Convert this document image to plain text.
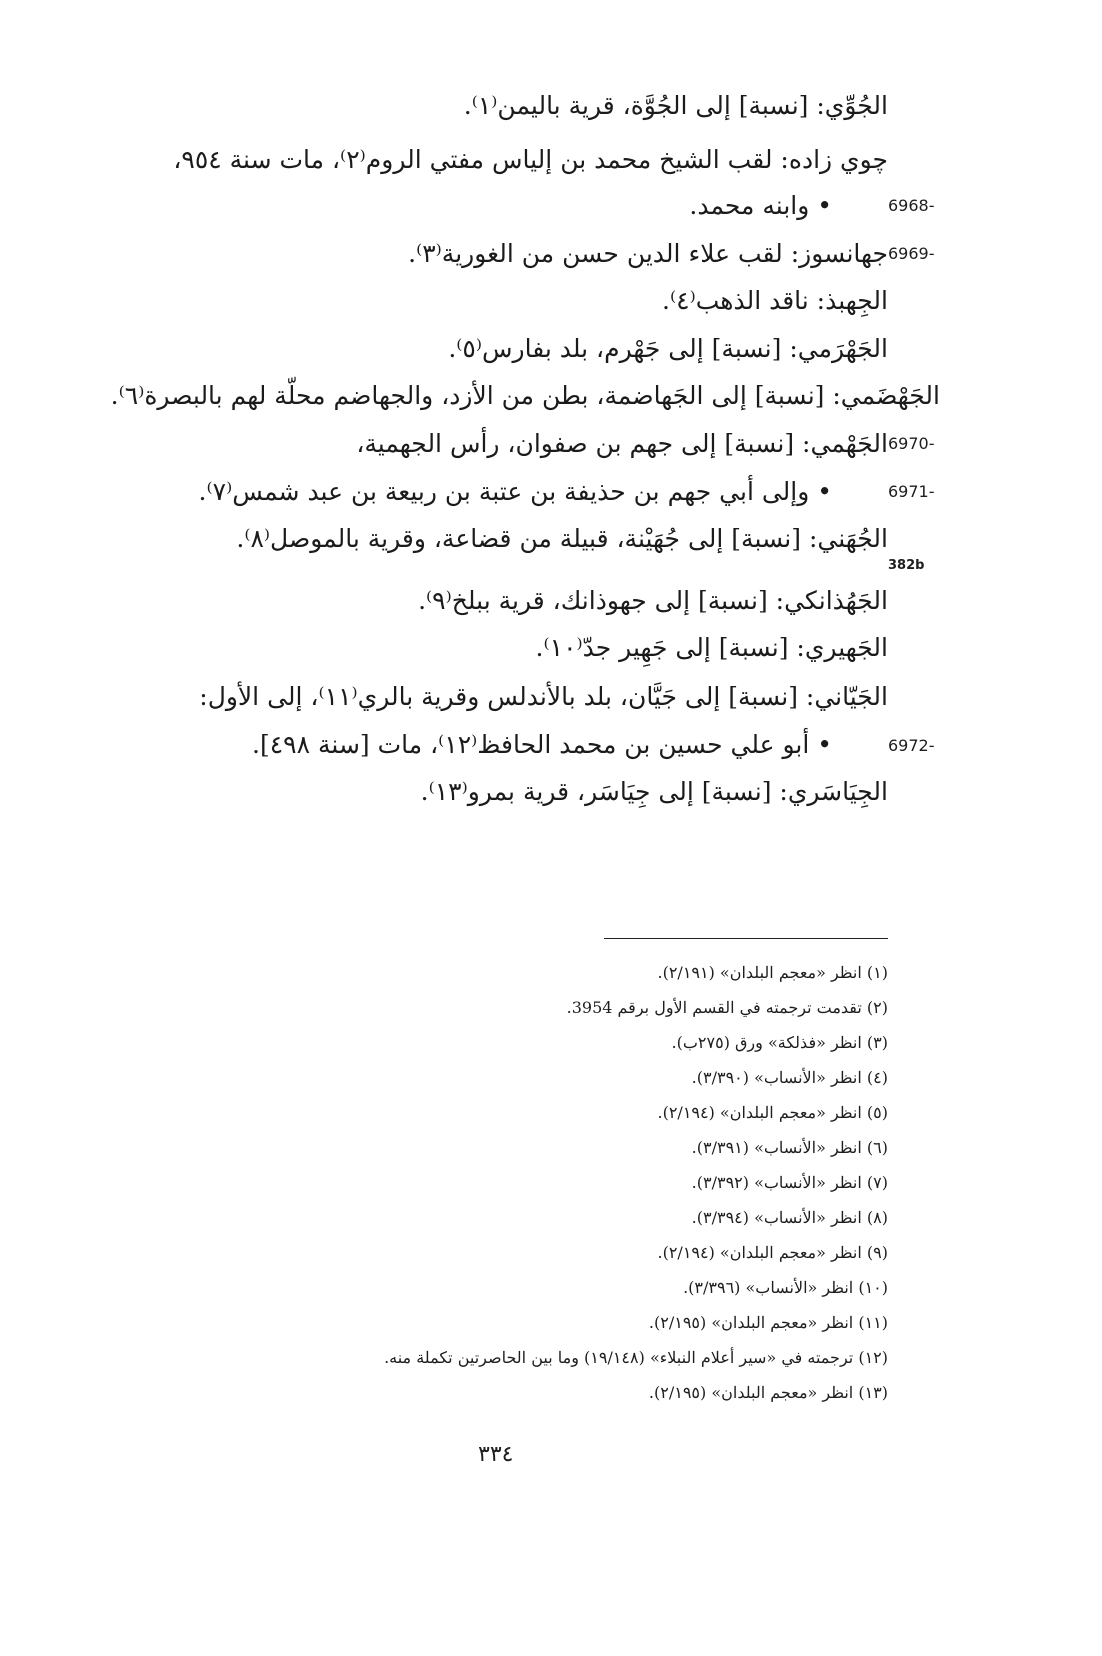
الجُوِّي: [نسبة] إلى الجُوَّة، قرية باليمن⁽١⁾.
چوي زاده: لقب الشيخ محمد بن إلياس مفتي الروم⁽٢⁾، مات سنة ٩٥٤،
6968-
• وابنه محمد.
6969-
جهانسوز: لقب علاء الدين حسن من الغورية⁽٣⁾.
الجِهبذ: ناقد الذهب⁽٤⁾.
الجَهْرَمي: [نسبة] إلى جَهْرم، بلد بفارس⁽٥⁾.
الجَهْضَمي: [نسبة] إلى الجَهاضمة، بطن من الأزد، والجهاضم محلّة لهم بالبصرة⁽٦⁾.
6970-
الجَهْمي: [نسبة] إلى جهم بن صفوان، رأس الجهمية،
6971-
• وإلى أبي جهم بن حذيفة بن عتبة بن ربيعة بن عبد شمس⁽٧⁾.
الجُهَني: [نسبة] إلى جُهَيْنة، قبيلة من قضاعة، وقرية بالموصل⁽٨⁾.
382b
الجَهُذانكي: [نسبة] إلى جهوذانك، قرية ببلخ⁽٩⁾.
الجَهيري: [نسبة] إلى جَهِير جدّ⁽١٠⁾.
الجَيّاني: [نسبة] إلى جَيَّان، بلد بالأندلس وقرية بالري⁽١١⁾، إلى الأول:
6972-
• أبو علي حسين بن محمد الحافظ⁽١٢⁾، مات [سنة ٤٩٨].
الجِيَاسَري: [نسبة] إلى جِيَاسَر، قرية بمرو⁽١٣⁾.
(١) انظر «معجم البلدان» (٢/١٩١).
(٢) تقدمت ترجمته في القسم الأول برقم 3954.
(٣) انظر «فذلكة» ورق (٢٧٥ب).
(٤) انظر «الأنساب» (٣/٣٩٠).
(٥) انظر «معجم البلدان» (٢/١٩٤).
(٦) انظر «الأنساب» (٣/٣٩١).
(٧) انظر «الأنساب» (٣/٣٩٢).
(٨) انظر «الأنساب» (٣/٣٩٤).
(٩) انظر «معجم البلدان» (٢/١٩٤).
(١٠) انظر «الأنساب» (٣/٣٩٦).
(١١) انظر «معجم البلدان» (٢/١٩٥).
(١٢) ترجمته في «سير أعلام النبلاء» (١٩/١٤٨) وما بين الحاصرتين تكملة منه.
(١٣) انظر «معجم البلدان» (٢/١٩٥).
٣٣٤
